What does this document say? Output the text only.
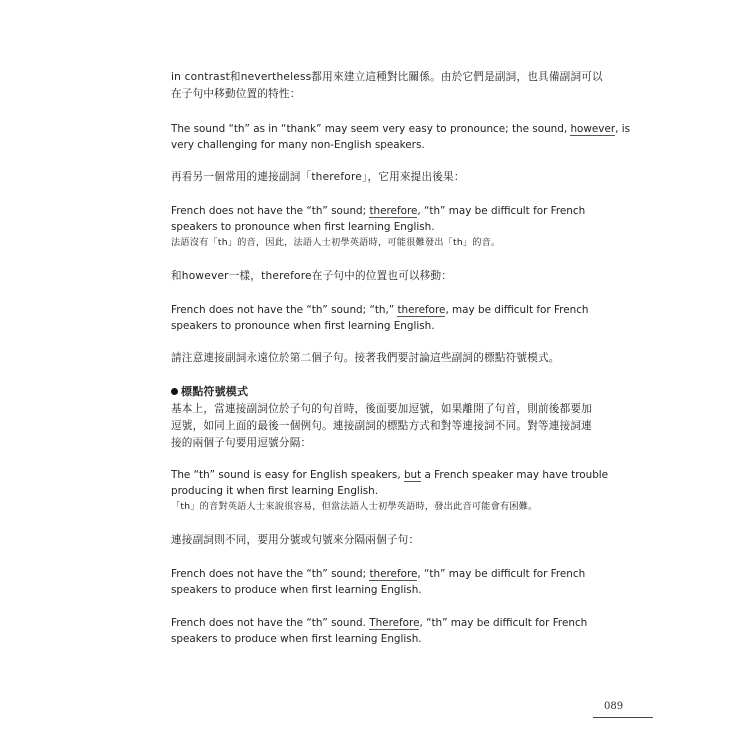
in contrast和nevertheless都用來建立這種對比關係。由於它們是副詞，也具備副詞可以
在子句中移動位置的特性：
The sound “th” as in “thank” may seem very easy to pronounce; the sound, however, is
very challenging for many non-English speakers.
再看另一個常用的連接副詞「therefore」，它用來提出後果：
French does not have the “th” sound; therefore, “th” may be difficult for French
speakers to pronounce when first learning English.
法語沒有「th」的音，因此，法語人士初學英語時，可能很難發出「th」的音。
和however一樣，therefore在子句中的位置也可以移動：
French does not have the “th” sound; “th,” therefore, may be difficult for French
speakers to pronounce when first learning English.
請注意連接副詞永遠位於第二個子句。接著我們要討論這些副詞的標點符號模式。
標點符號模式
基本上，當連接副詞位於子句的句首時，後面要加逗號，如果離開了句首，則前後都要加
逗號，如同上面的最後一個例句。連接副詞的標點方式和對等連接詞不同。對等連接詞連
接的兩個子句要用逗號分隔：
The “th” sound is easy for English speakers, but a French speaker may have trouble
producing it when first learning English.
「th」的音對英語人士來說很容易，但當法語人士初學英語時，發出此音可能會有困難。
連接副詞則不同，要用分號或句號來分隔兩個子句：
French does not have the “th” sound; therefore, “th” may be difficult for French
speakers to produce when first learning English.
French does not have the “th” sound. Therefore, “th” may be difficult for French
speakers to produce when first learning English.
089
